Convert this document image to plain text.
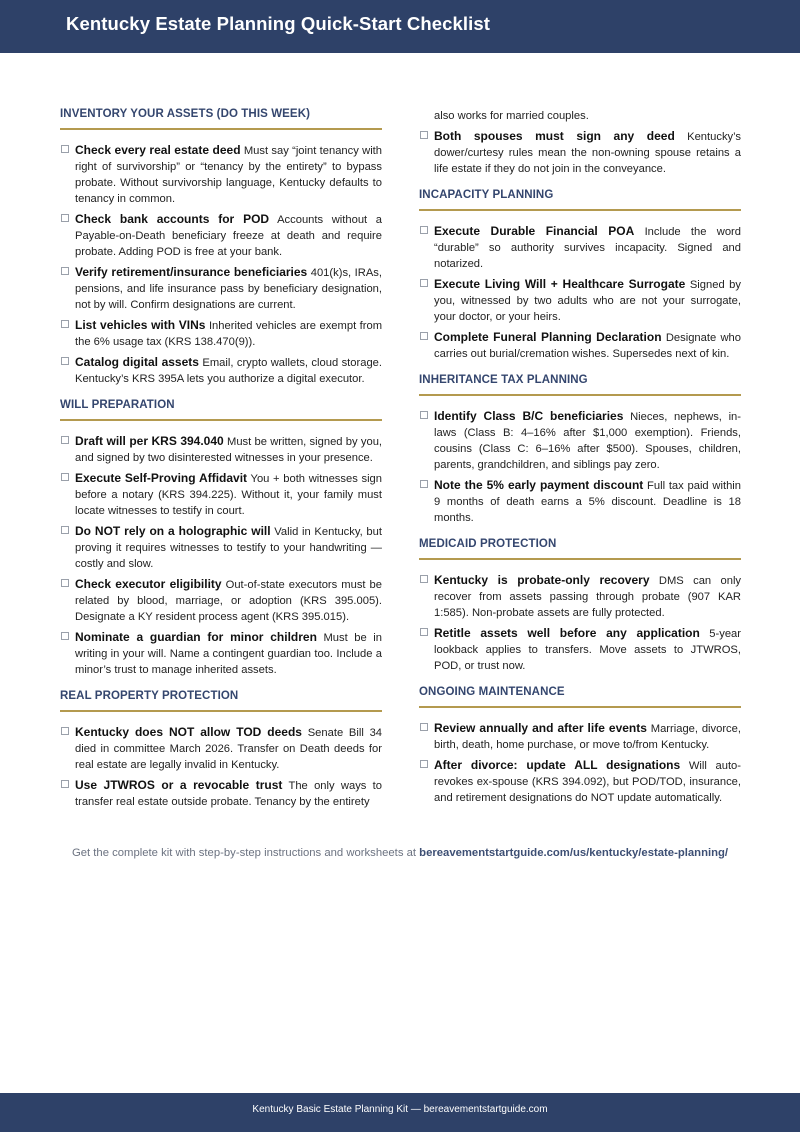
Kentucky Estate Planning Quick-Start Checklist
INVENTORY YOUR ASSETS (DO THIS WEEK)
Check every real estate deed Must say “joint tenancy with right of survivorship” or “tenancy by the entirety” to bypass probate. Without survivorship language, Kentucky defaults to tenancy in common.
Check bank accounts for POD Accounts without a Payable-on-Death beneficiary freeze at death and require probate. Adding POD is free at your bank.
Verify retirement/insurance beneficiaries 401(k)s, IRAs, pensions, and life insurance pass by beneficiary designation, not by will. Confirm designations are current.
List vehicles with VINs Inherited vehicles are exempt from the 6% usage tax (KRS 138.470(9)).
Catalog digital assets Email, crypto wallets, cloud storage. Kentucky’s KRS 395A lets you authorize a digital executor.
WILL PREPARATION
Draft will per KRS 394.040 Must be written, signed by you, and signed by two disinterested witnesses in your presence.
Execute Self-Proving Affidavit You + both witnesses sign before a notary (KRS 394.225). Without it, your family must locate witnesses to testify in court.
Do NOT rely on a holographic will Valid in Kentucky, but proving it requires witnesses to testify to your handwriting — costly and slow.
Check executor eligibility Out-of-state executors must be related by blood, marriage, or adoption (KRS 395.005). Designate a KY resident process agent (KRS 395.015).
Nominate a guardian for minor children Must be in writing in your will. Name a contingent guardian too. Include a minor’s trust to manage inherited assets.
REAL PROPERTY PROTECTION
Kentucky does NOT allow TOD deeds Senate Bill 34 died in committee March 2026. Transfer on Death deeds for real estate are legally invalid in Kentucky.
Use JTWROS or a revocable trust The only ways to transfer real estate outside probate. Tenancy by the entirety
also works for married couples.
Both spouses must sign any deed Kentucky’s dower/curtesy rules mean the non-owning spouse retains a life estate if they do not join in the conveyance.
INCAPACITY PLANNING
Execute Durable Financial POA Include the word “durable” so authority survives incapacity. Signed and notarized.
Execute Living Will + Healthcare Surrogate Signed by you, witnessed by two adults who are not your surrogate, your doctor, or your heirs.
Complete Funeral Planning Declaration Designate who carries out burial/cremation wishes. Supersedes next of kin.
INHERITANCE TAX PLANNING
Identify Class B/C beneficiaries Nieces, nephews, in-laws (Class B: 4–16% after $1,000 exemption). Friends, cousins (Class C: 6–16% after $500). Spouses, children, parents, grandchildren, and siblings pay zero.
Note the 5% early payment discount Full tax paid within 9 months of death earns a 5% discount. Deadline is 18 months.
MEDICAID PROTECTION
Kentucky is probate-only recovery DMS can only recover from assets passing through probate (907 KAR 1:585). Non-probate assets are fully protected.
Retitle assets well before any application 5-year lookback applies to transfers. Move assets to JTWROS, POD, or trust now.
ONGOING MAINTENANCE
Review annually and after life events Marriage, divorce, birth, death, home purchase, or move to/from Kentucky.
After divorce: update ALL designations Will auto-revokes ex-spouse (KRS 394.092), but POD/TOD, insurance, and retirement designations do NOT update automatically.
Get the complete kit with step-by-step instructions and worksheets at bereavementstartguide.com/us/kentucky/estate-planning/
Kentucky Basic Estate Planning Kit — bereavementstartguide.com
